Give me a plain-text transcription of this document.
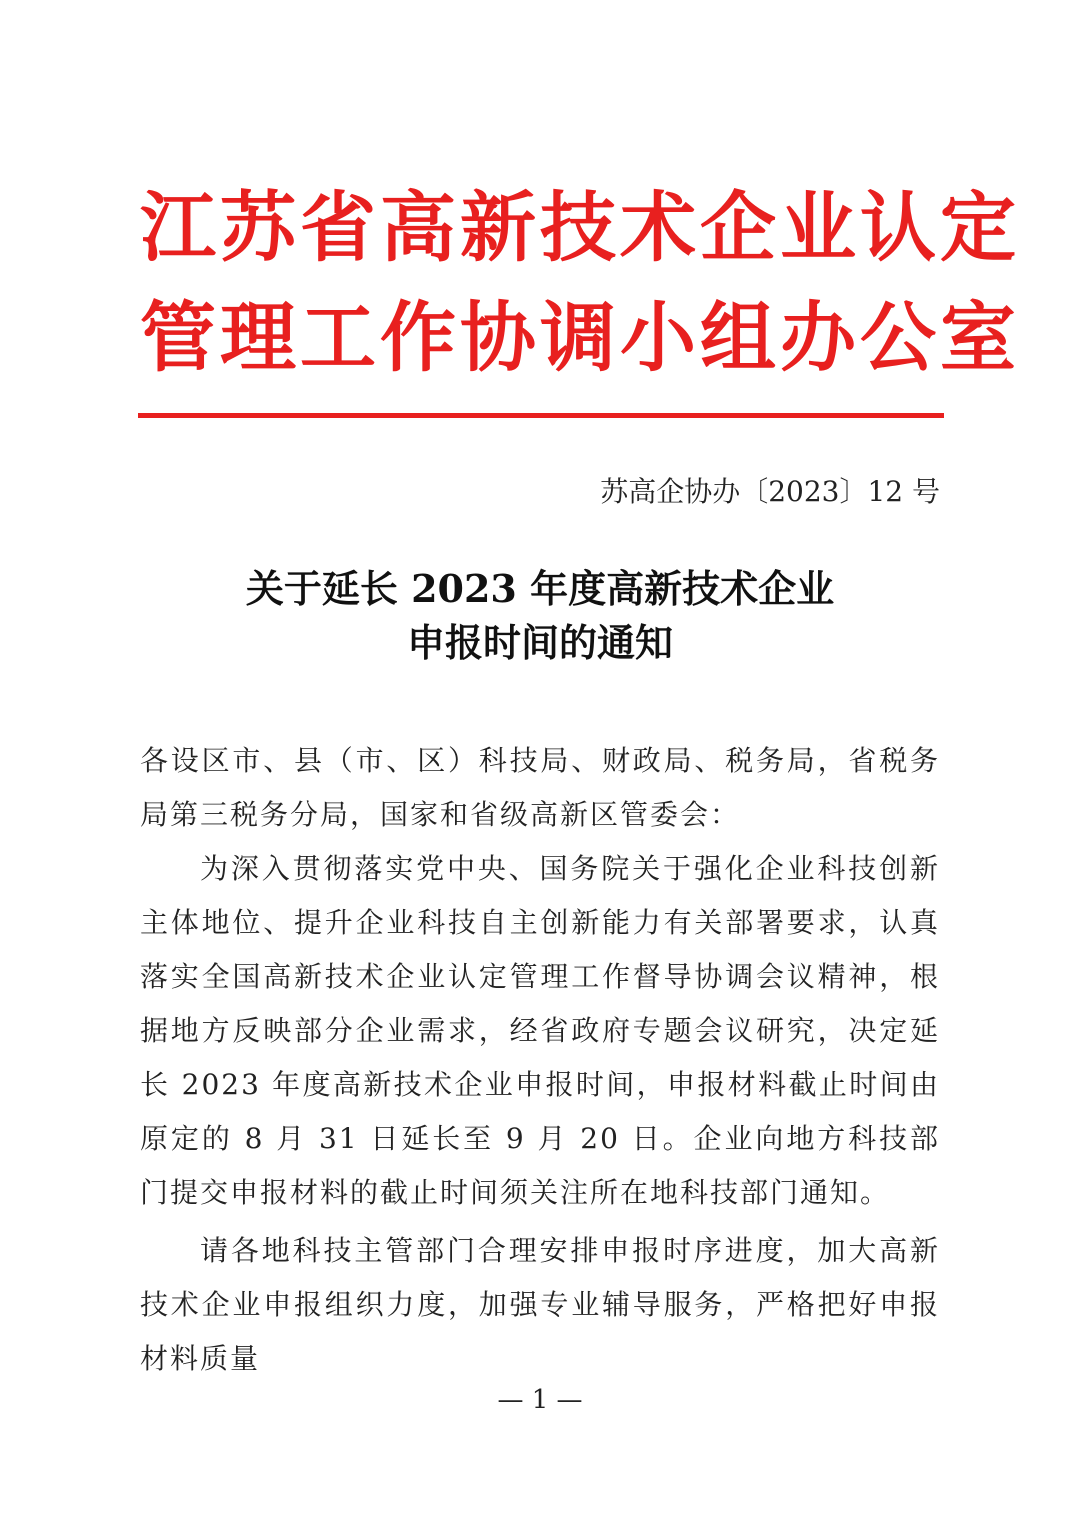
江苏省高新技术企业认定
管理工作协调小组办公室
苏高企协办〔2023〕12 号
关于延长 2023 年度高新技术企业
申报时间的通知

各设区市、县（市、区）科技局、财政局、税务局，省税务局第三税务分局，国家和省级高新区管委会：

为深入贯彻落实党中央、国务院关于强化企业科技创新主体地位、提升企业科技自主创新能力有关部署要求，认真落实全国高新技术企业认定管理工作督导协调会议精神，根据地方反映部分企业需求，经省政府专题会议研究，决定延长 2023 年度高新技术企业申报时间，申报材料截止时间由原定的 8 月 31 日延长至 9 月 20 日。企业向地方科技部门提交申报材料的截止时间须关注所在地科技部门通知。

请各地科技主管部门合理安排申报时序进度，加大高新技术企业申报组织力度，加强专业辅导服务，严格把好申报材料质量

— 1 —
